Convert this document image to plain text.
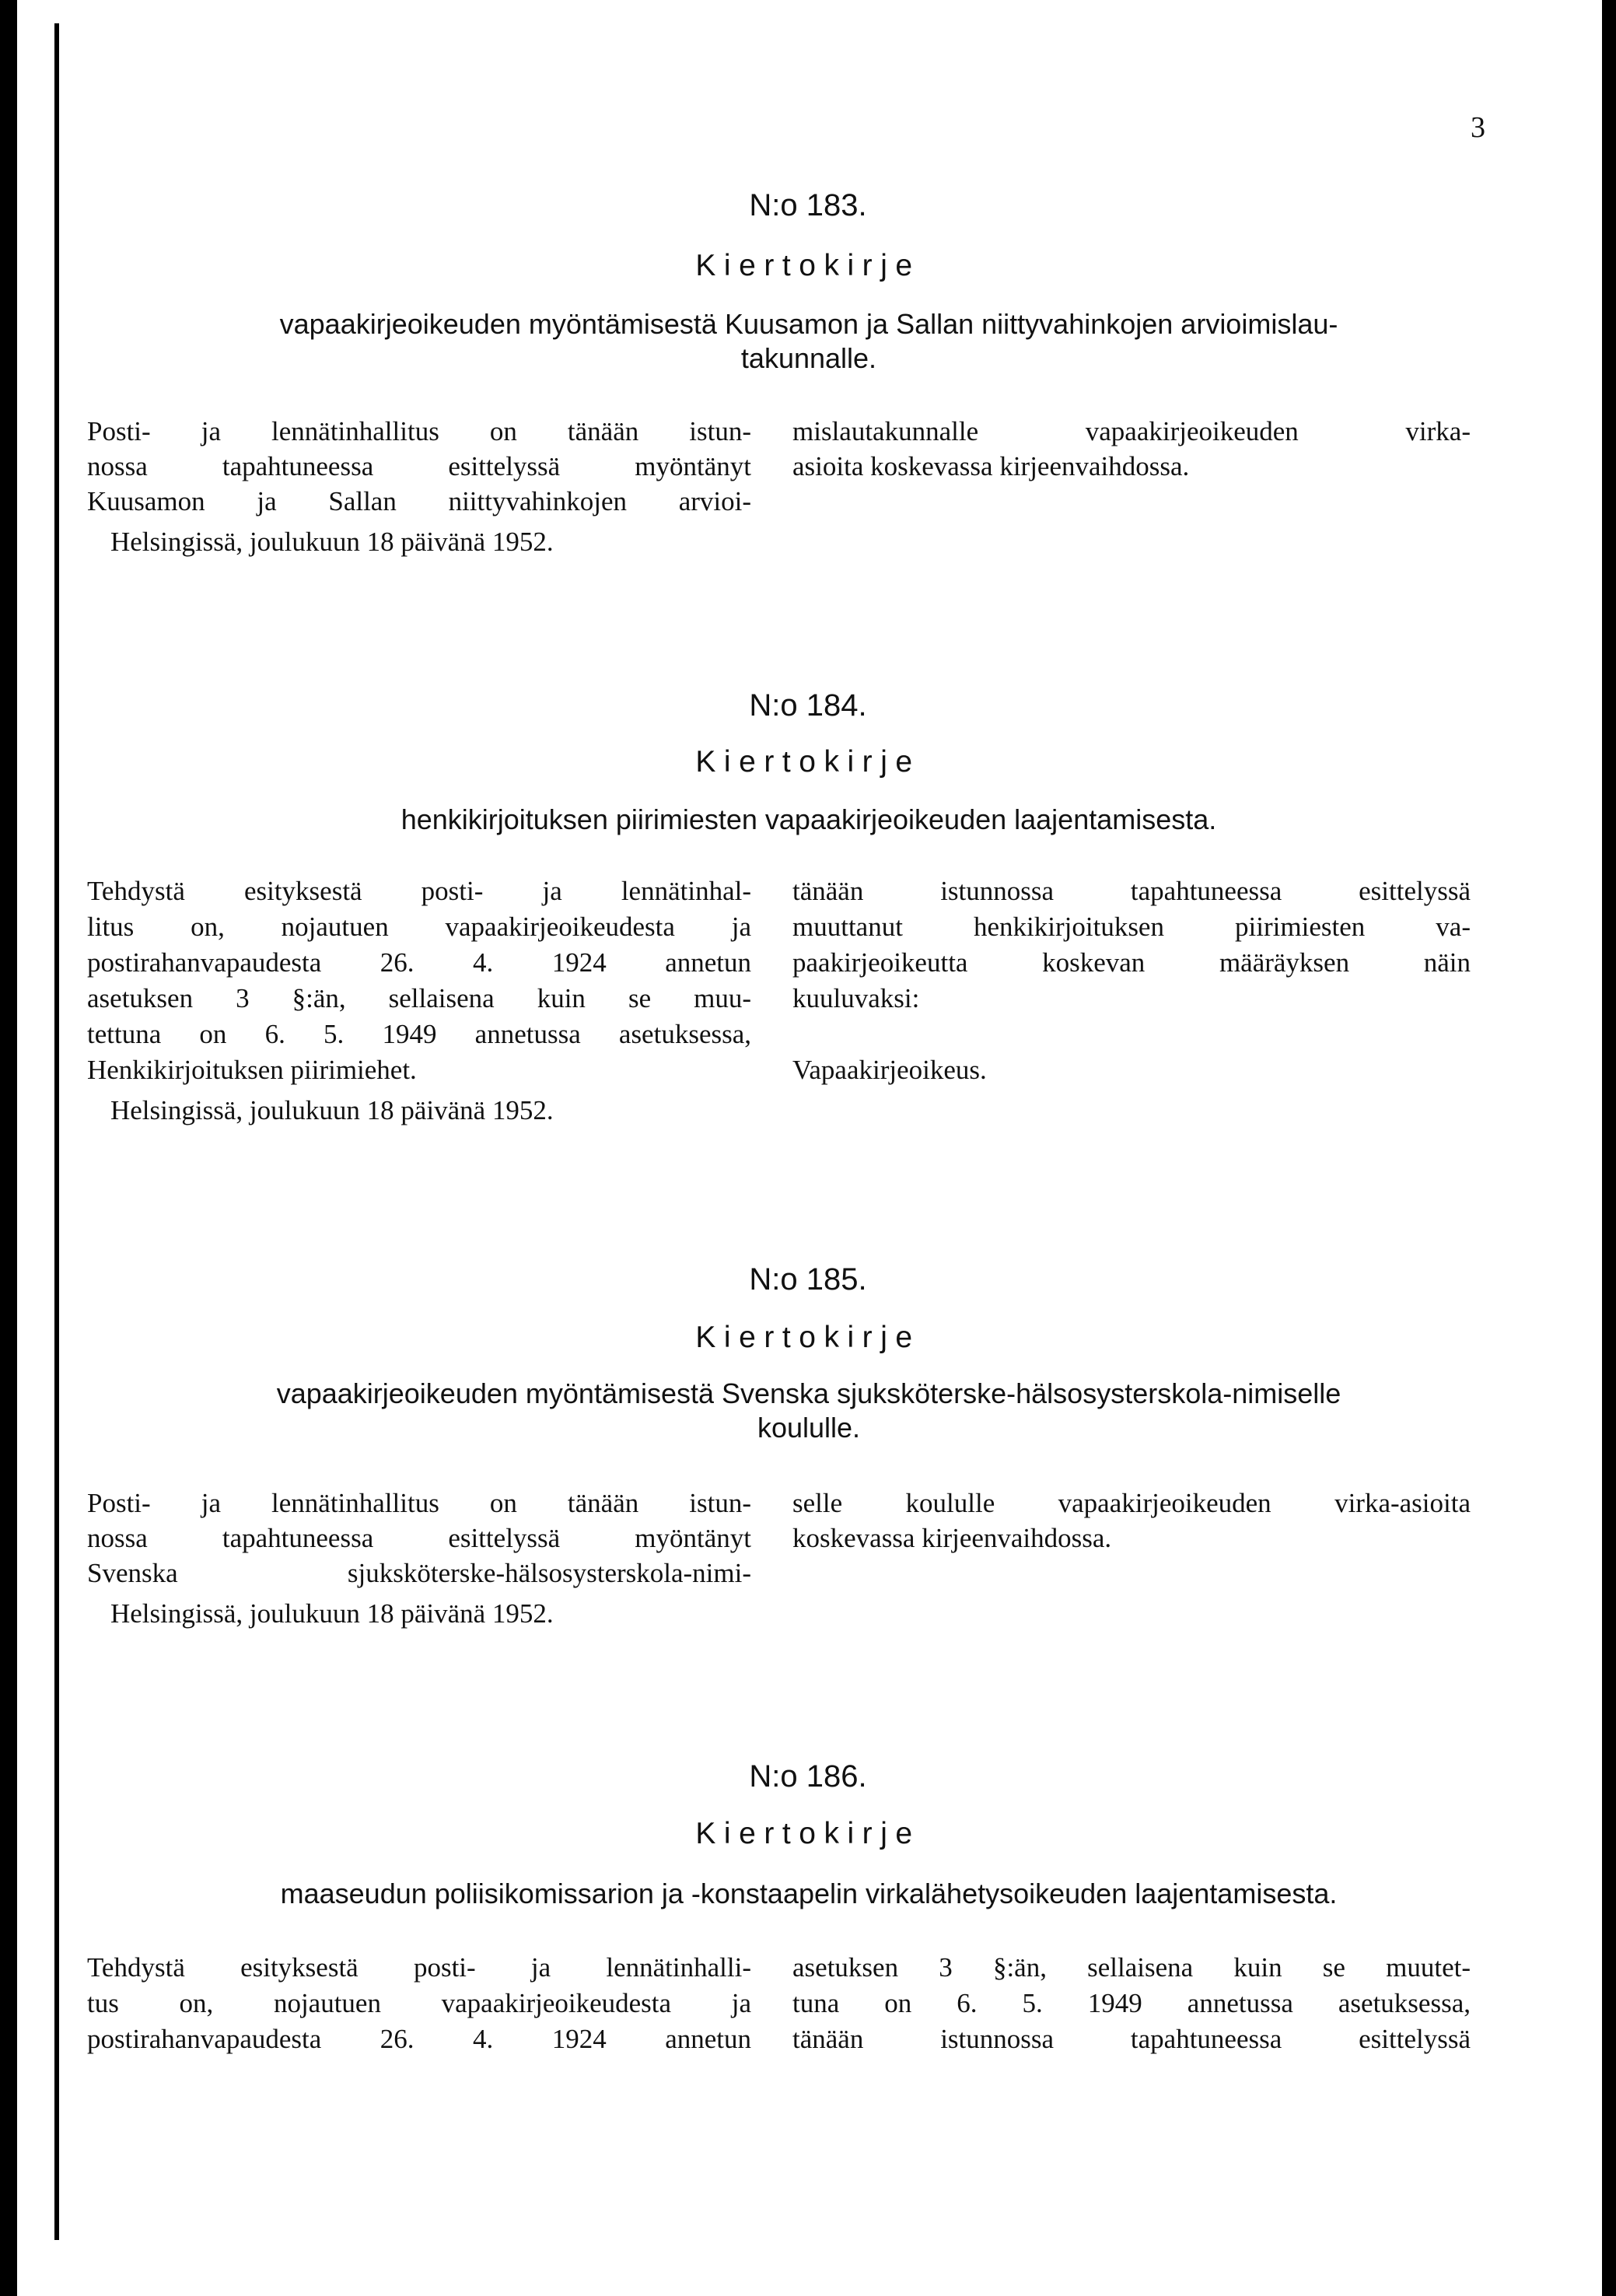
3
N:o 183.
Kiertokirje
vapaakirjeoikeuden myöntämisestä Kuusamon ja Sallan niittyvahinkojen arvioimislau-
takunnalle.
Posti- ja lennätinhallitus on tänään istun-
nossa tapahtuneessa esittelyssä myöntänyt
Kuusamon ja Sallan niittyvahinkojen arvioi-
mislautakunnalle vapaakirjeoikeuden virka-
asioita koskevassa kirjeenvaihdossa.
Helsingissä, joulukuun 18 päivänä 1952.
N:o 184.
Kiertokirje
henkikirjoituksen piirimiesten vapaakirjeoikeuden laajentamisesta.
Tehdystä esityksestä posti- ja lennätinhal-
litus on, nojautuen vapaakirjeoikeudesta ja
postirahanvapaudesta 26. 4. 1924 annetun
asetuksen 3 §:än, sellaisena kuin se muu-
tettuna on 6. 5. 1949 annetussa asetuksessa,
Henkikirjoituksen piirimiehet.
tänään istunnossa tapahtuneessa esittelyssä
muuttanut henkikirjoituksen piirimiesten va-
paakirjeoikeutta koskevan määräyksen näin
kuuluvaksi:
Vapaakirjeoikeus.
Helsingissä, joulukuun 18 päivänä 1952.
N:o 185.
Kiertokirje
vapaakirjeoikeuden myöntämisestä Svenska sjuksköterske-hälsosysterskola-nimiselle
koululle.
Posti- ja lennätinhallitus on tänään istun-
nossa tapahtuneessa esittelyssä myöntänyt
Svenska sjuksköterske-hälsosysterskola-nimi-
selle koululle vapaakirjeoikeuden virka-asioita
koskevassa kirjeenvaihdossa.
Helsingissä, joulukuun 18 päivänä 1952.
N:o 186.
Kiertokirje
maaseudun poliisikomissarion ja -konstaapelin virkalähetysoikeuden laajentamisesta.
Tehdystä esityksestä posti- ja lennätinhalli-
tus on, nojautuen vapaakirjeoikeudesta ja
postirahanvapaudesta 26. 4. 1924 annetun
asetuksen 3 §:än, sellaisena kuin se muutet-
tuna on 6. 5. 1949 annetussa asetuksessa,
tänään istunnossa tapahtuneessa esittelyssä
